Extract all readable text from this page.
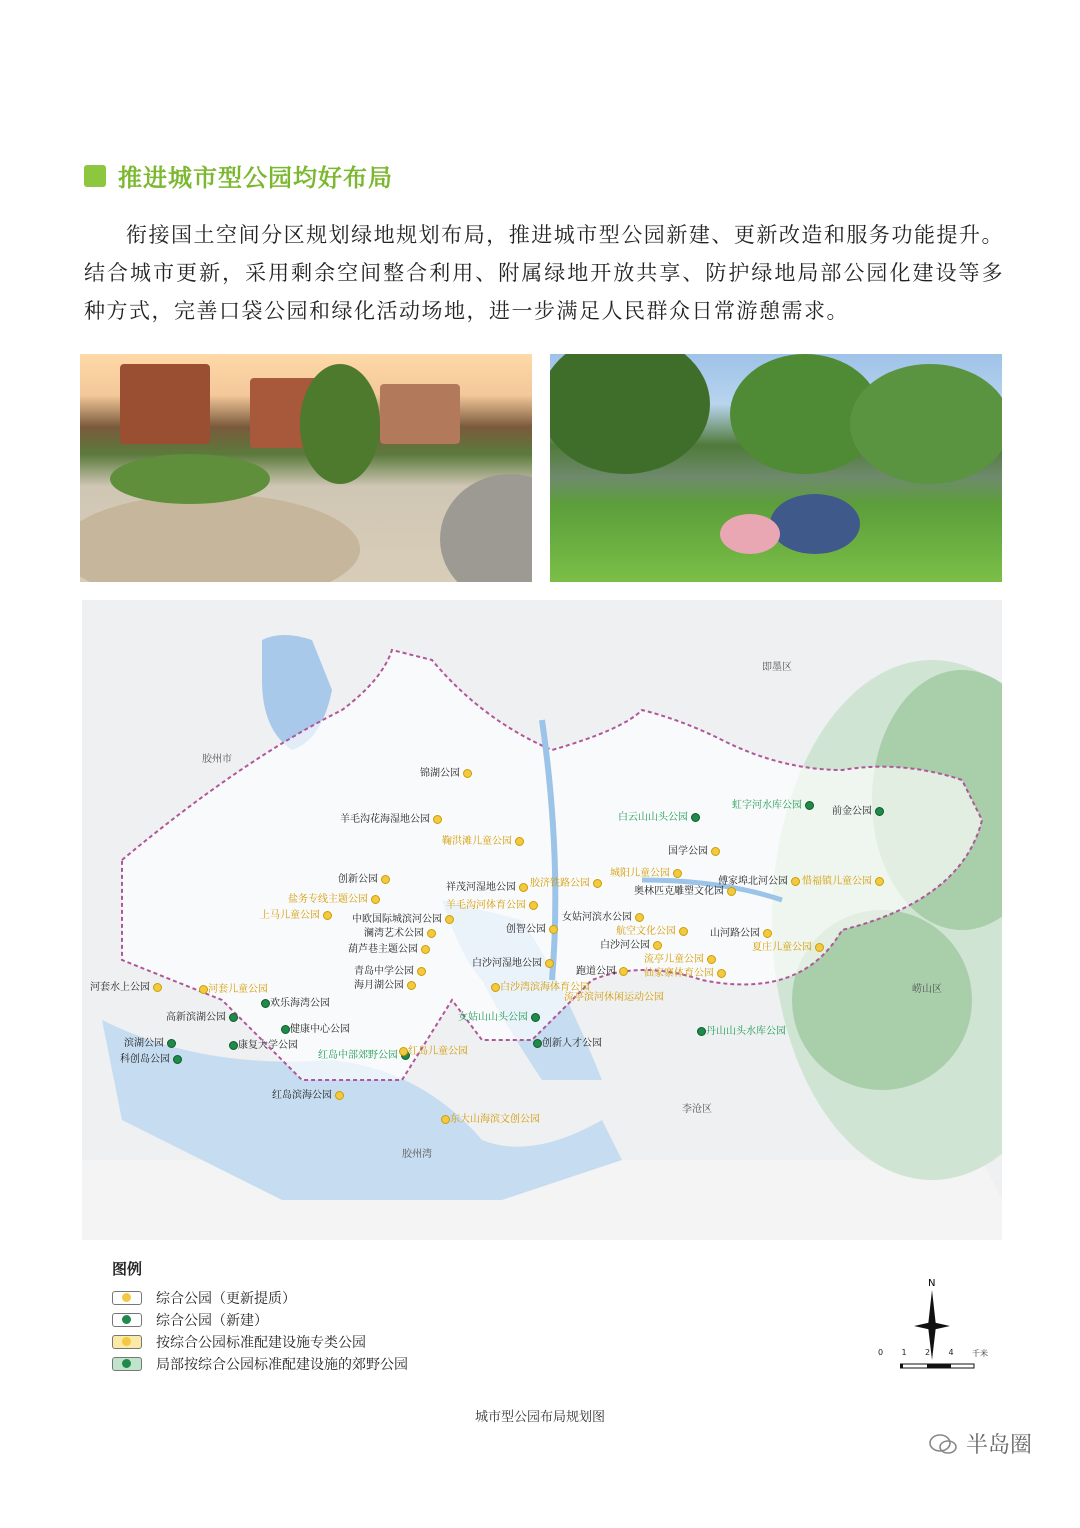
推进城市型公园均好布局

衔接国土空间分区规划绿地规划布局，推进城市型公园新建、更新改造和服务功能提升。结合城市更新，采用剩余空间整合利用、附属绿地开放共享、防护绿地局部公园化建设等多种方式，完善口袋公园和绿化活动场地，进一步满足人民群众日常游憩需求。

胶州市
即墨区
崂山区
李沧区
胶州湾
锦湖公园
羊毛沟花海湿地公园
鞠洪滩儿童公园
白云山山头公园
虹字河水库公园
前金公园
创新公园
国学公园
祥茂河湿地公园	胶济铁路公园
城阳儿童公园
奥林匹克雕塑文化园
傅家埠北河公园	惜福镇儿童公园
盐务专线主题公园
上马儿童公园
羊毛沟河体育公园
中欧国际城滨河公园
澜湾艺术公园	创智公园
女姑河滨水公园
航空文化公园	山河路公园
白沙河公园
葫芦巷主题公园	夏庄儿童公园
白沙河湿地公园
跑道公园
流亭儿童公园
仙家寨体育公园
河套水上公园
青岛中学公园
河套儿童公园	海月湖公园	白沙湾滨海体育公园
流亭滨河休闲运动公园
欢乐海湾公园
高新滨湖公园	女姑山山头公园
丹山山头水库公园
健康中心公园
滨湖公园	康复大学公园	创新人才公园
红岛中部郊野公园	红岛儿童公园
科创岛公园
红岛滨海公园
东大山海滨文创公园
图例
综合公园（更新提质）
综合公园（新建）
按综合公园标准配建设施专类公园
局部按综合公园标准配建设施的郊野公园
N
0 1 2 4 千米
城市型公园布局规划图
半岛圈
